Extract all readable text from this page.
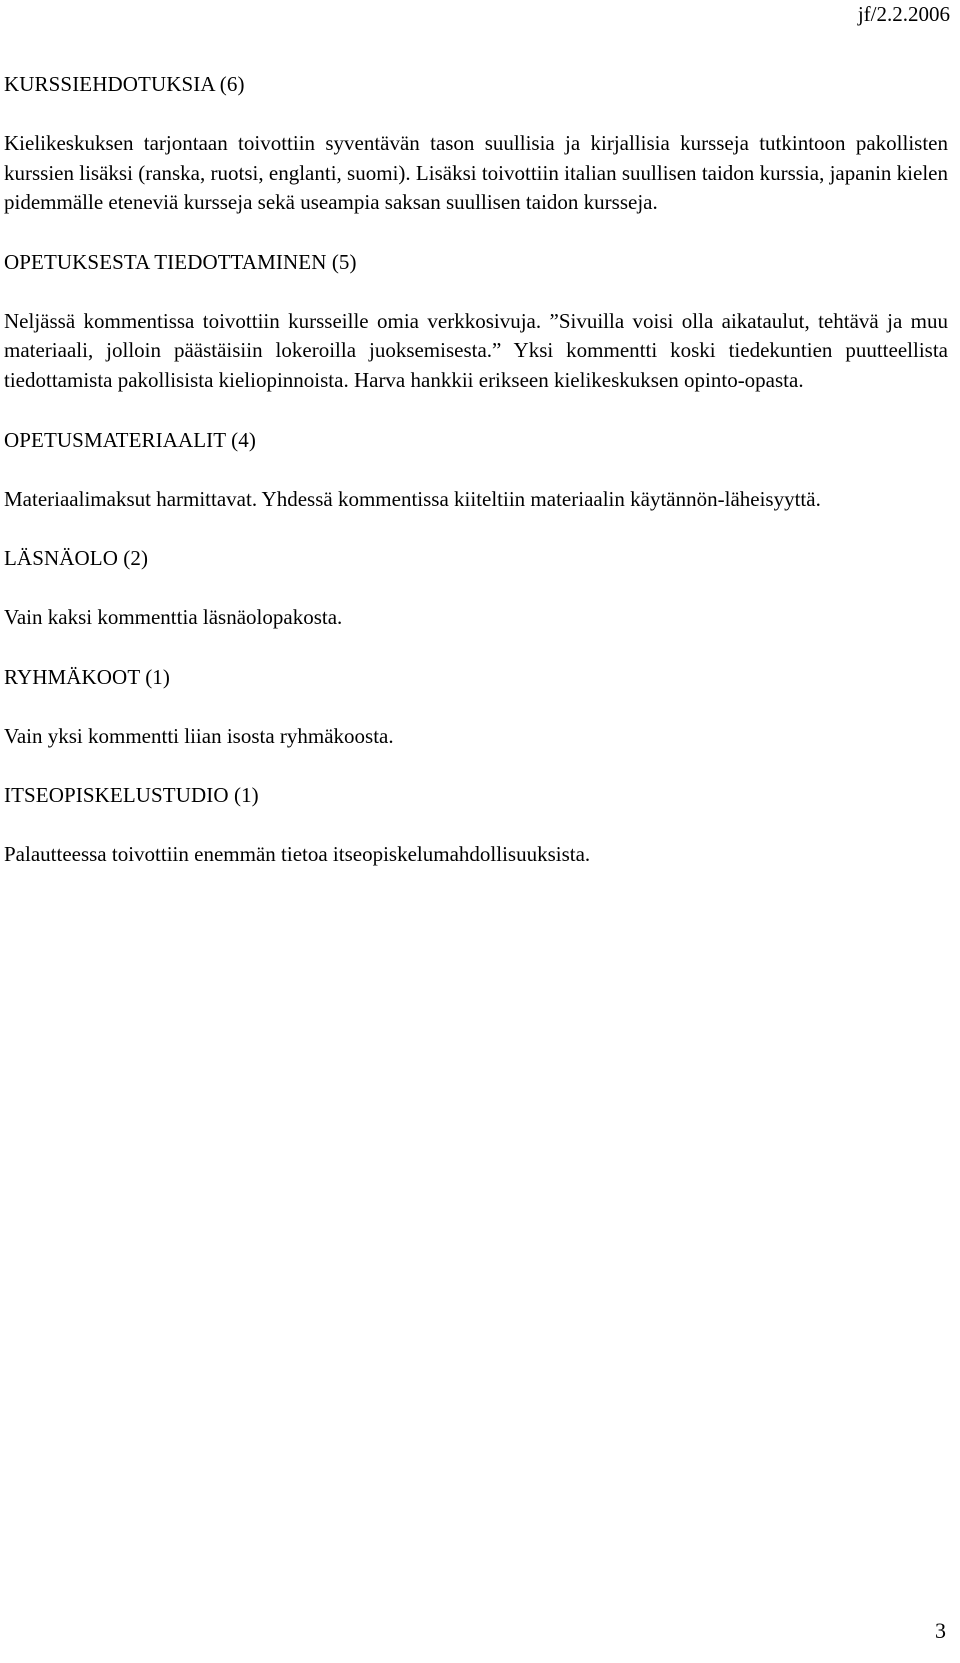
jf/2.2.2006
KURSSIEHDOTUKSIA (6)

Kielikeskuksen tarjontaan toivottiin syventävän tason suullisia ja kirjallisia kursseja tutkintoon pakollisten kurssien lisäksi (ranska, ruotsi, englanti, suomi). Lisäksi toivottiin italian suullisen taidon kurssia, japanin kielen pidemmälle eteneviä kursseja sekä useampia saksan suullisen taidon kursseja.

OPETUKSESTA TIEDOTTAMINEN (5)

Neljässä kommentissa toivottiin kursseille omia verkkosivuja. ”Sivuilla voisi olla aikataulut, tehtävä ja muu materiaali, jolloin päästäisiin lokeroilla juoksemisesta.” Yksi kommentti koski tiedekuntien puutteellista tiedottamista pakollisista kieliopinnoista. Harva hankkii erikseen kielikeskuksen opinto-opasta.

OPETUSMATERIAALIT (4)

Materiaalimaksut harmittavat. Yhdessä kommentissa kiiteltiin materiaalin käytännön-läheisyyttä.

LÄSNÄOLO (2)

Vain kaksi kommenttia läsnäolopakosta.

RYHMÄKOOT (1)

Vain yksi kommentti liian isosta ryhmäkoosta.

ITSEOPISKELUSTUDIO (1)

Palautteessa toivottiin enemmän tietoa itseopiskelumahdollisuuksista.

3
